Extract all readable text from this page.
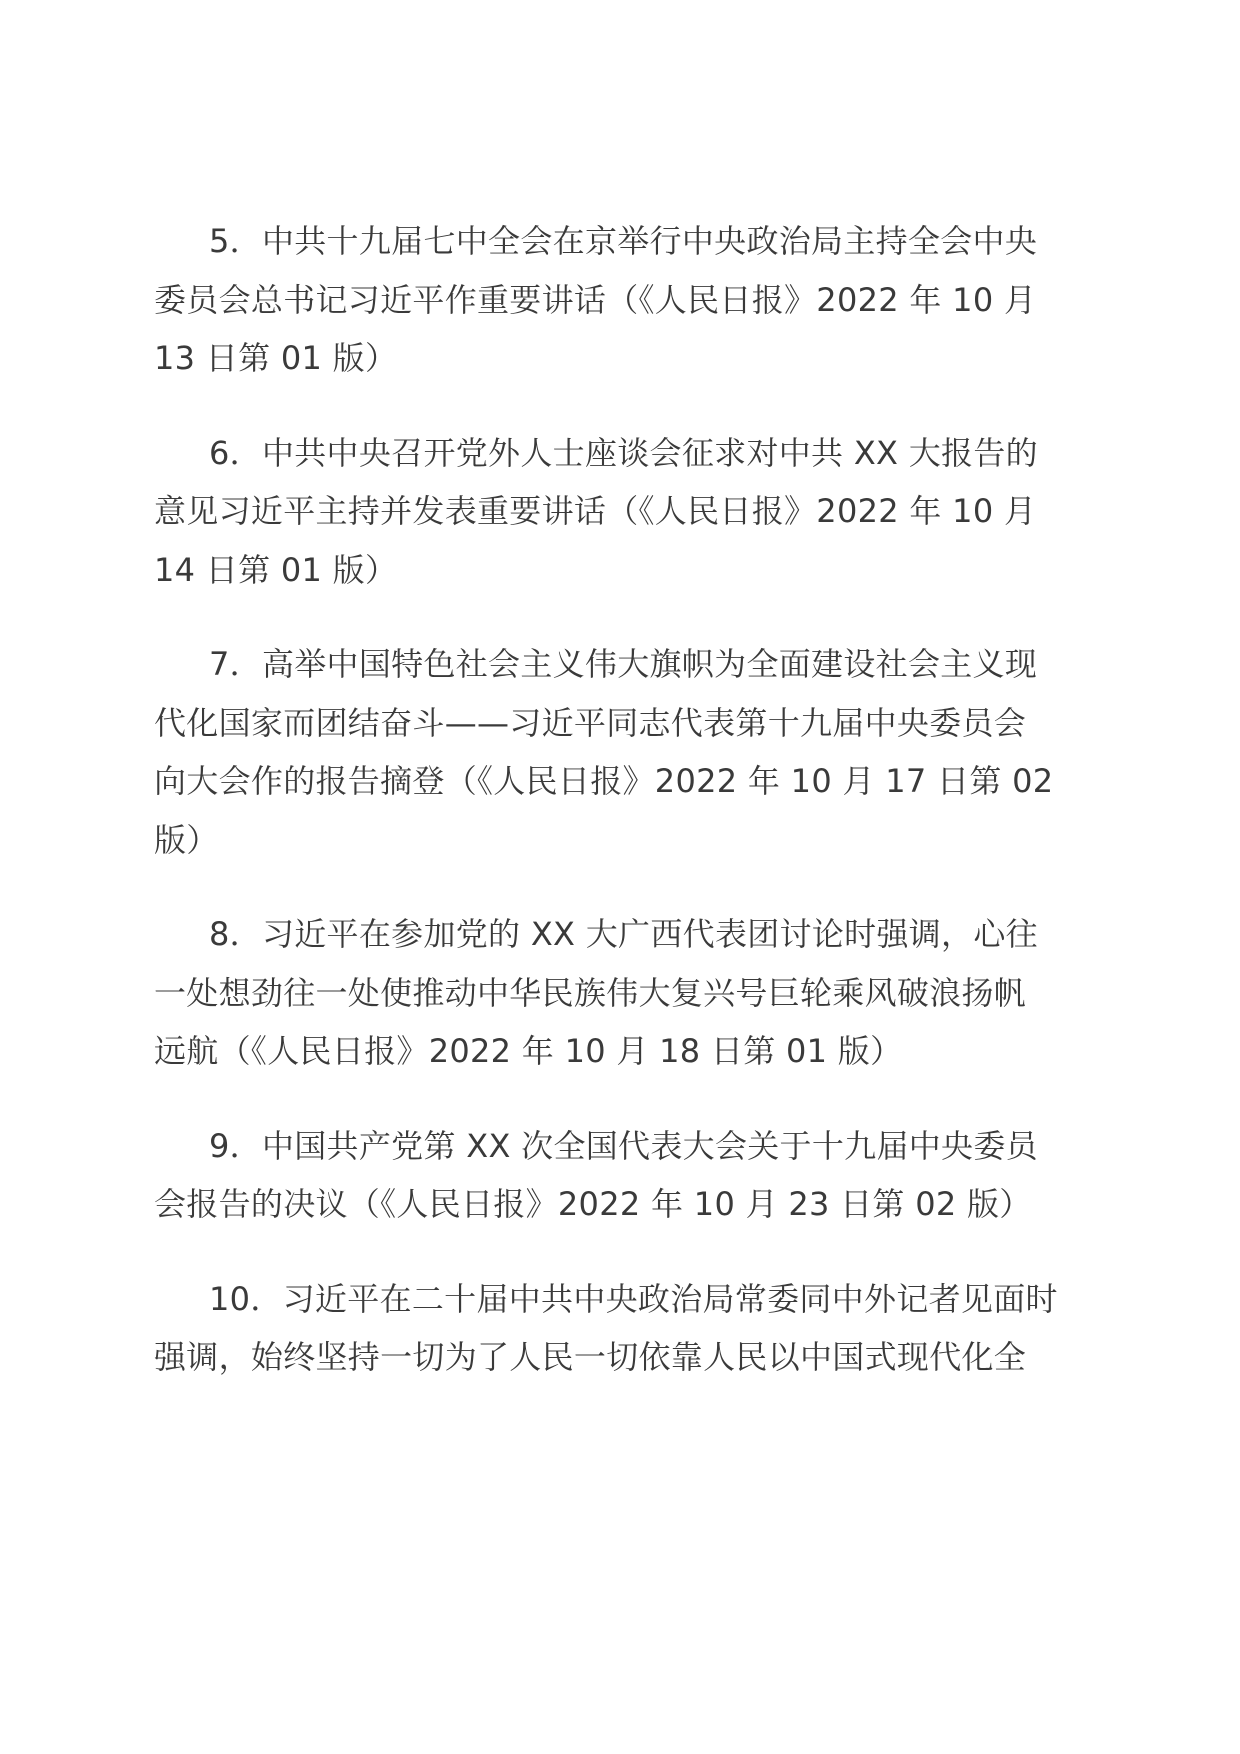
5．中共十九届七中全会在京举行中央政治局主持全会中央
委员会总书记习近平作重要讲话（《人民日报》2022 年 10 月
13 日第 01 版）
6．中共中央召开党外人士座谈会征求对中共 XX 大报告的
意见习近平主持并发表重要讲话（《人民日报》2022 年 10 月
14 日第 01 版）
7．高举中国特色社会主义伟大旗帜为全面建设社会主义现
代化国家而团结奋斗——习近平同志代表第十九届中央委员会
向大会作的报告摘登（《人民日报》2022 年 10 月 17 日第 02
版）
8．习近平在参加党的 XX 大广西代表团讨论时强调，心往
一处想劲往一处使推动中华民族伟大复兴号巨轮乘风破浪扬帆
远航（《人民日报》2022 年 10 月 18 日第 01 版）
9．中国共产党第 XX 次全国代表大会关于十九届中央委员
会报告的决议（《人民日报》2022 年 10 月 23 日第 02 版）
10．习近平在二十届中共中央政治局常委同中外记者见面时
强调，始终坚持一切为了人民一切依靠人民以中国式现代化全
